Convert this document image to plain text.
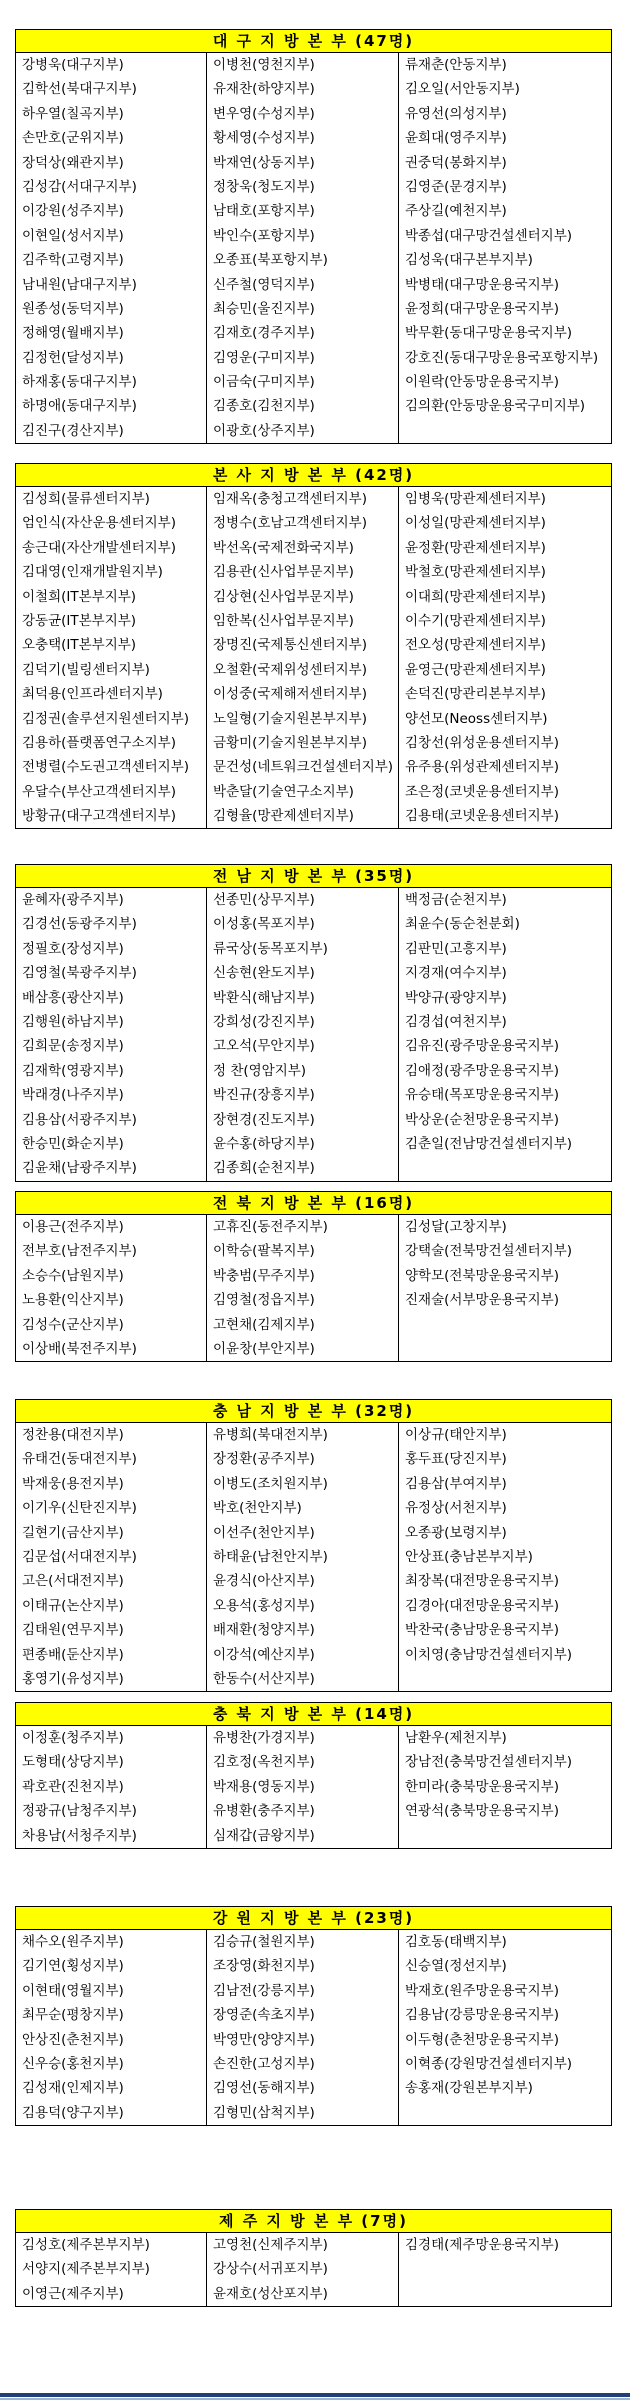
대 구 지 방 본 부 (47명)
강병욱(대구지부)	이병천(영천지부)	류재춘(안동지부)
김학선(북대구지부)	유재찬(하양지부)	김오일(서안동지부)
하우열(칠곡지부)	변우영(수성지부)	유영선(의성지부)
손만호(군위지부)	황세영(수성지부)	윤희대(영주지부)
장덕상(왜관지부)	박재연(상동지부)	권중덕(봉화지부)
김성감(서대구지부)	정창욱(청도지부)	김영준(문경지부)
이강원(성주지부)	남태호(포항지부)	주상길(예천지부)
이현일(성서지부)	박인수(포항지부)	박종섭(대구망건설센터지부)
김주학(고령지부)	오종표(북포항지부)	김성욱(대구본부지부)
남내원(남대구지부)	신주철(영덕지부)	박병태(대구망운용국지부)
원종성(동덕지부)	최승민(울진지부)	윤정희(대구망운용국지부)
정해영(월배지부)	김재호(경주지부)	박무환(동대구망운용국지부)
김정헌(달성지부)	김영운(구미지부)	강호진(동대구망운용국포항지부)
하재홍(동대구지부)	이금숙(구미지부)	이원락(안동망운용국지부)
하명애(동대구지부)	김종호(김천지부)	김의환(안동망운용국구미지부)
김진구(경산지부)	이광호(상주지부)
본 사 지 방 본 부 (42명)
김성희(물류센터지부)	임재옥(충청고객센터지부)	임병욱(망관제센터지부)
엄인식(자산운용센터지부)	정병수(호남고객센터지부)	이성일(망관제센터지부)
송근대(자산개발센터지부)	박선옥(국제전화국지부)	윤정환(망관제센터지부)
김대영(인재개발원지부)	김용관(신사업부문지부)	박철호(망관제센터지부)
이철희(IT본부지부)	김상현(신사업부문지부)	이대희(망관제센터지부)
강동균(IT본부지부)	임한복(신사업부문지부)	이수기(망관제센터지부)
오충택(IT본부지부)	장명진(국제통신센터지부)	전오성(망관제센터지부)
김덕기(빌링센터지부)	오철환(국제위성센터지부)	윤영근(망관제센터지부)
최덕용(인프라센터지부)	이성중(국제해저센터지부)	손덕진(망관리본부지부)
김정권(솔루션지원센터지부)	노일형(기술지원본부지부)	양선모(Neoss센터지부)
김용하(플랫폼연구소지부)	금황미(기술지원본부지부)	김창선(위성운용센터지부)
전병렬(수도권고객센터지부)	문건성(네트워크건설센터지부) 유주용(위성관제센터지부)
우달수(부산고객센터지부)	박춘달(기술연구소지부)	조은정(코넷운용센터지부)
방황규(대구고객센터지부)	김형율(망관제센터지부)	김용태(코넷운용센터지부)
전 남 지 방 본 부 (35명)
윤혜자(광주지부)	선종민(상무지부)	백정금(순천지부)
김경선(동광주지부)	이성홍(목포지부)	최윤수(동순천분회)
정필호(장성지부)	류국상(동목포지부)	김판민(고흥지부)
김영철(북광주지부)	신송현(완도지부)	지경재(여수지부)
배삼흥(광산지부)	박환식(해남지부)	박양규(광양지부)
김행원(하남지부)	강희성(강진지부)	김경섭(여천지부)
김희문(송정지부)	고오석(무안지부)	김유진(광주망운용국지부)
김재학(영광지부)	정 찬(영암지부)	김애정(광주망운용국지부)
박래경(나주지부)	박진규(장흥지부)	유승태(목포망운용국지부)
김용삼(서광주지부)	장현경(진도지부)	박상운(순천망운용국지부)
한승민(화순지부)	윤수홍(하당지부)	김춘일(전남망건설센터지부)
김윤채(남광주지부)	김종희(순천지부)
전 북 지 방 본 부 (16명)
이용근(전주지부)	고휴진(동전주지부)	김성달(고창지부)
전부호(남전주지부)	이학승(팔복지부)	강택술(전북망건설센터지부)
소승수(남원지부)	박충범(무주지부)	양학모(전북망운용국지부)
노용환(익산지부)	김영철(정읍지부)	진재술(서부망운용국지부)
김성수(군산지부)	고현채(김제지부)
이상배(북전주지부)	이윤창(부안지부)
충 남 지 방 본 부 (32명)
정찬용(대전지부)	유병희(북대전지부)	이상규(태안지부)
유태건(동대전지부)	장정환(공주지부)	홍두표(당진지부)
박재웅(용전지부)	이병도(조치원지부)	김용삼(부여지부)
이기우(신탄진지부)	박호(천안지부)	유정상(서천지부)
길현기(금산지부)	이선주(천안지부)	오종광(보령지부)
김문섭(서대전지부)	하태윤(남천안지부)	안상표(충남본부지부)
고은(서대전지부)	윤경식(아산지부)	최장복(대전망운용국지부)
이태규(논산지부)	오용석(홍성지부)	김경아(대전망운용국지부)
김태원(연무지부)	배재환(청양지부)	박찬국(충남망운용국지부)
편종배(둔산지부)	이강석(예산지부)	이치영(충남망건설센터지부)
홍영기(유성지부)	한동수(서산지부)
충 북 지 방 본 부 (14명)
이정훈(청주지부)	유병찬(가경지부)	남환우(제천지부)
도형태(상당지부)	김호정(옥천지부)	장남전(충북망건설센터지부)
곽호관(진천지부)	박재용(영동지부)	한미라(충북망운용국지부)
정광규(남청주지부)	유병환(충주지부)	연광석(충북망운용국지부)
차용남(서청주지부)	심재갑(금왕지부)
강 원 지 방 본 부 (23명)
채수오(원주지부)	김승규(철원지부)	김호동(태백지부)
김기연(횡성지부)	조장영(화천지부)	신승열(정선지부)
이현태(영월지부)	김남전(강릉지부)	박재호(원주망운용국지부)
최무순(평창지부)	장영준(속초지부)	김용남(강릉망운용국지부)
안상진(춘천지부)	박영만(양양지부)	이두형(춘천망운용국지부)
신우승(홍천지부)	손진한(고성지부)	이혁종(강원망건설센터지부)
김성재(인제지부)	김영선(동해지부)	송홍재(강원본부지부)
김용덕(양구지부)	김형민(삼척지부)
제 주 지 방 본 부 (7명)
김성호(제주본부지부)	고영천(신제주지부)	김경태(제주망운용국지부)
서양지(제주본부지부)	강상수(서귀포지부)
이영근(제주지부)	윤재호(성산포지부)
